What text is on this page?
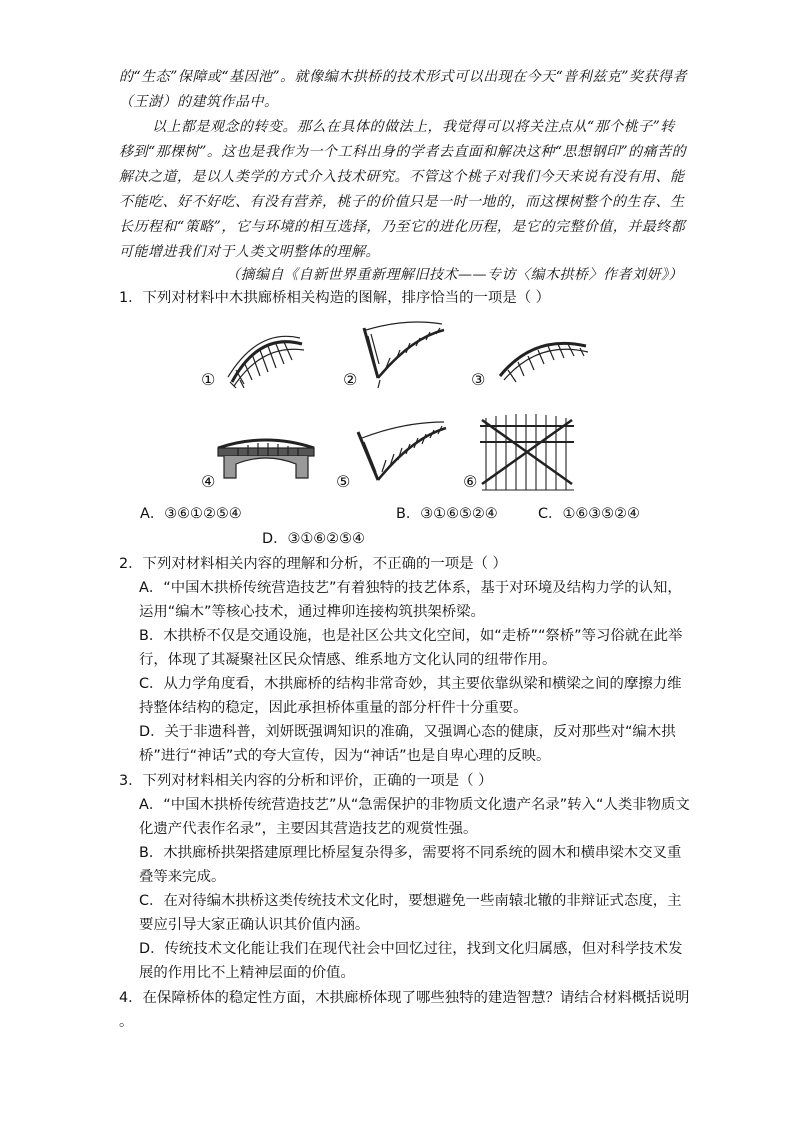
的“生态”保障或“基因池”。就像编木拱桥的技术形式可以出现在今天“普利兹克”奖获得者

（王澍）的建筑作品中。

以上都是观念的转变。那么在具体的做法上，我觉得可以将关注点从“那个桃子”转

移到“那棵树”。这也是我作为一个工科出身的学者去直面和解决这种“思想钢印”的痛苦的

解决之道，是以人类学的方式介入技术研究。不管这个桃子对我们今天来说有没有用、能

不能吃、好不好吃、有没有营养，桃子的价值只是一时一地的，而这棵树整个的生存、生

长历程和“策略”，它与环境的相互选择，乃至它的进化历程，是它的完整价值，并最终都

可能增进我们对于人类文明整体的理解。

（摘编自《自新世界重新理解旧技术——专访〈编木拱桥〉作者刘妍》）

1．下列对材料中木拱廊桥相关构造的图解，排序恰当的一项是（ ）

①	②	③
④	⑤	⑥

A．③⑥①②⑤④	B．③①⑥⑤②④	C．①⑥③⑤②④

D．③①⑥②⑤④

2．下列对材料相关内容的理解和分析，不正确的一项是（ ）

A．“中国木拱桥传统营造技艺”有着独特的技艺体系，基于对环境及结构力学的认知，

运用“编木”等核心技术，通过榫卯连接构筑拱架桥梁。

B．木拱桥不仅是交通设施，也是社区公共文化空间，如“走桥”“祭桥”等习俗就在此举

行，体现了其凝聚社区民众情感、维系地方文化认同的纽带作用。

C．从力学角度看，木拱廊桥的结构非常奇妙，其主要依靠纵梁和横梁之间的摩擦力维

持整体结构的稳定，因此承担桥体重量的部分杆件十分重要。

D．关于非遗科普，刘妍既强调知识的准确，又强调心态的健康，反对那些对“编木拱

桥”进行“神话”式的夸大宣传，因为“神话”也是自卑心理的反映。

3．下列对材料相关内容的分析和评价，正确的一项是（ ）

A．“中国木拱桥传统营造技艺”从“急需保护的非物质文化遗产名录”转入“人类非物质文

化遗产代表作名录”，主要因其营造技艺的观赏性强。

B．木拱廊桥拱架搭建原理比桥屋复杂得多，需要将不同系统的圆木和横串梁木交叉重

叠等来完成。

C．在对待编木拱桥这类传统技术文化时，要想避免一些南辕北辙的非辩证式态度，主

要应引导大家正确认识其价值内涵。

D．传统技术文化能让我们在现代社会中回忆过往，找到文化归属感，但对科学技术发

展的作用比不上精神层面的价值。

4．在保障桥体的稳定性方面，木拱廊桥体现了哪些独特的建造智慧？请结合材料概括说明

。
